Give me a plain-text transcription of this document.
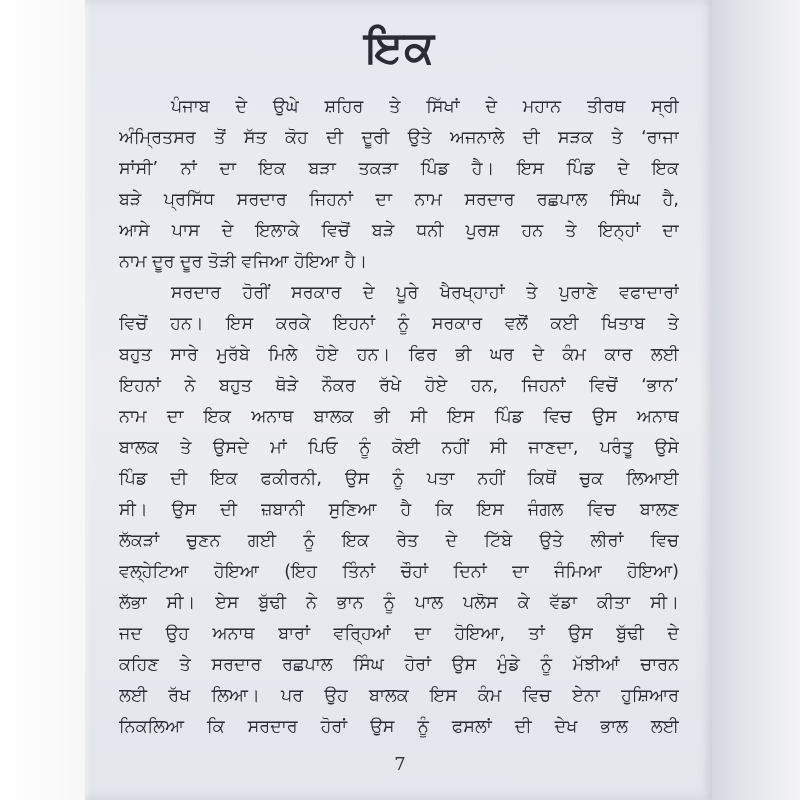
ਇਕ
ਪੰਜਾਬ ਦੇ ਉਘੇ ਸ਼ਹਿਰ ਤੇ ਸਿੱਖਾਂ ਦੇ ਮਹਾਨ ਤੀਰਥ ਸ੍ਰੀ
ਅੰਮ੍ਰਿਤਸਰ ਤੋਂ ਸੱਤ ਕੋਹ ਦੀ ਦੂਰੀ ਉਤੇ ਅਜਨਾਲੇ ਦੀ ਸੜਕ ਤੇ ‘ਰਾਜਾ
ਸਾਂਸੀ’ ਨਾਂ ਦਾ ਇਕ ਬੜਾ ਤਕੜਾ ਪਿੰਡ ਹੈ। ਇਸ ਪਿੰਡ ਦੇ ਇਕ
ਬੜੇ ਪ੍ਰਸਿੱਧ ਸਰਦਾਰ ਜਿਹਨਾਂ ਦਾ ਨਾਮ ਸਰਦਾਰ ਰਛਪਾਲ ਸਿੰਘ ਹੈ,
ਆਸੇ ਪਾਸ ਦੇ ਇਲਾਕੇ ਵਿਚੋਂ ਬੜੇ ਧਨੀ ਪੁਰਸ਼ ਹਨ ਤੇ ਇਨ੍ਹਾਂ ਦਾ
ਨਾਮ ਦੂਰ ਦੂਰ ਤੋੜੀ ਵਜਿਆ ਹੋਇਆ ਹੈ।
ਸਰਦਾਰ ਹੋਰੀਂ ਸਰਕਾਰ ਦੇ ਪੂਰੇ ਖੈਰਖ੍ਹਾਹਾਂ ਤੇ ਪੁਰਾਣੇ ਵਫਾਦਾਰਾਂ
ਵਿਚੋਂ ਹਨ। ਇਸ ਕਰਕੇ ਇਹਨਾਂ ਨੂੰ ਸਰਕਾਰ ਵਲੋਂ ਕਈ ਖਿਤਾਬ ਤੇ
ਬਹੁਤ ਸਾਰੇ ਮੁਰੱਬੇ ਮਿਲੇ ਹੋਏ ਹਨ। ਫਿਰ ਭੀ ਘਰ ਦੇ ਕੰਮ ਕਾਰ ਲਈ
ਇਹਨਾਂ ਨੇ ਬਹੁਤ ਥੋੜੇ ਨੌਕਰ ਰੱਖੇ ਹੋਏ ਹਨ, ਜਿਹਨਾਂ ਵਿਚੋਂ ‘ਭਾਨ’
ਨਾਮ ਦਾ ਇਕ ਅਨਾਥ ਬਾਲਕ ਭੀ ਸੀ ਇਸ ਪਿੰਡ ਵਿਚ ਉਸ ਅਨਾਥ
ਬਾਲਕ ਤੇ ਉਸਦੇ ਮਾਂ ਪਿਓ ਨੂੰ ਕੋਈ ਨਹੀਂ ਸੀ ਜਾਣਦਾ, ਪਰੰਤੂ ਉਸੇ
ਪਿੰਡ ਦੀ ਇਕ ਫਕੀਰਨੀ, ਉਸ ਨੂੰ ਪਤਾ ਨਹੀਂ ਕਿਥੋਂ ਚੁਕ ਲਿਆਈ
ਸੀ। ਉਸ ਦੀ ਜ਼ਬਾਨੀ ਸੁਣਿਆ ਹੈ ਕਿ ਇਸ ਜੰਗਲ ਵਿਚ ਬਾਲਣ
ਲੱਕੜਾਂ ਚੁਣਨ ਗਈ ਨੂੰ ਇਕ ਰੇਤ ਦੇ ਟਿੱਬੇ ਉਤੇ ਲੀਰਾਂ ਵਿਚ
ਵਲ੍ਹੇਟਿਆ ਹੋਇਆ (ਇਹ ਤਿੰਨਾਂ ਚੌਹਾਂ ਦਿਨਾਂ ਦਾ ਜੰਮਿਆ ਹੋਇਆ)
ਲੱਭਾ ਸੀ। ਏਸ ਬੁੱਢੀ ਨੇ ਭਾਨ ਨੂੰ ਪਾਲ ਪਲੋਸ ਕੇ ਵੱਡਾ ਕੀਤਾ ਸੀ।
ਜਦ ਉਹ ਅਨਾਥ ਬਾਰਾਂ ਵਰ੍ਹਿਆਂ ਦਾ ਹੋਇਆ, ਤਾਂ ਉਸ ਬੁੱਢੀ ਦੇ
ਕਹਿਣ ਤੇ ਸਰਦਾਰ ਰਛਪਾਲ ਸਿੰਘ ਹੋਰਾਂ ਉਸ ਮੁੰਡੇ ਨੂੰ ਮੱਝੀਆਂ ਚਾਰਨ
ਲਈ ਰੱਖ ਲਿਆ। ਪਰ ਉਹ ਬਾਲਕ ਇਸ ਕੰਮ ਵਿਚ ਏਨਾ ਹੁਸ਼ਿਆਰ
ਨਿਕਲਿਆ ਕਿ ਸਰਦਾਰ ਹੋਰਾਂ ਉਸ ਨੂੰ ਫਸਲਾਂ ਦੀ ਦੇਖ ਭਾਲ ਲਈ
7
